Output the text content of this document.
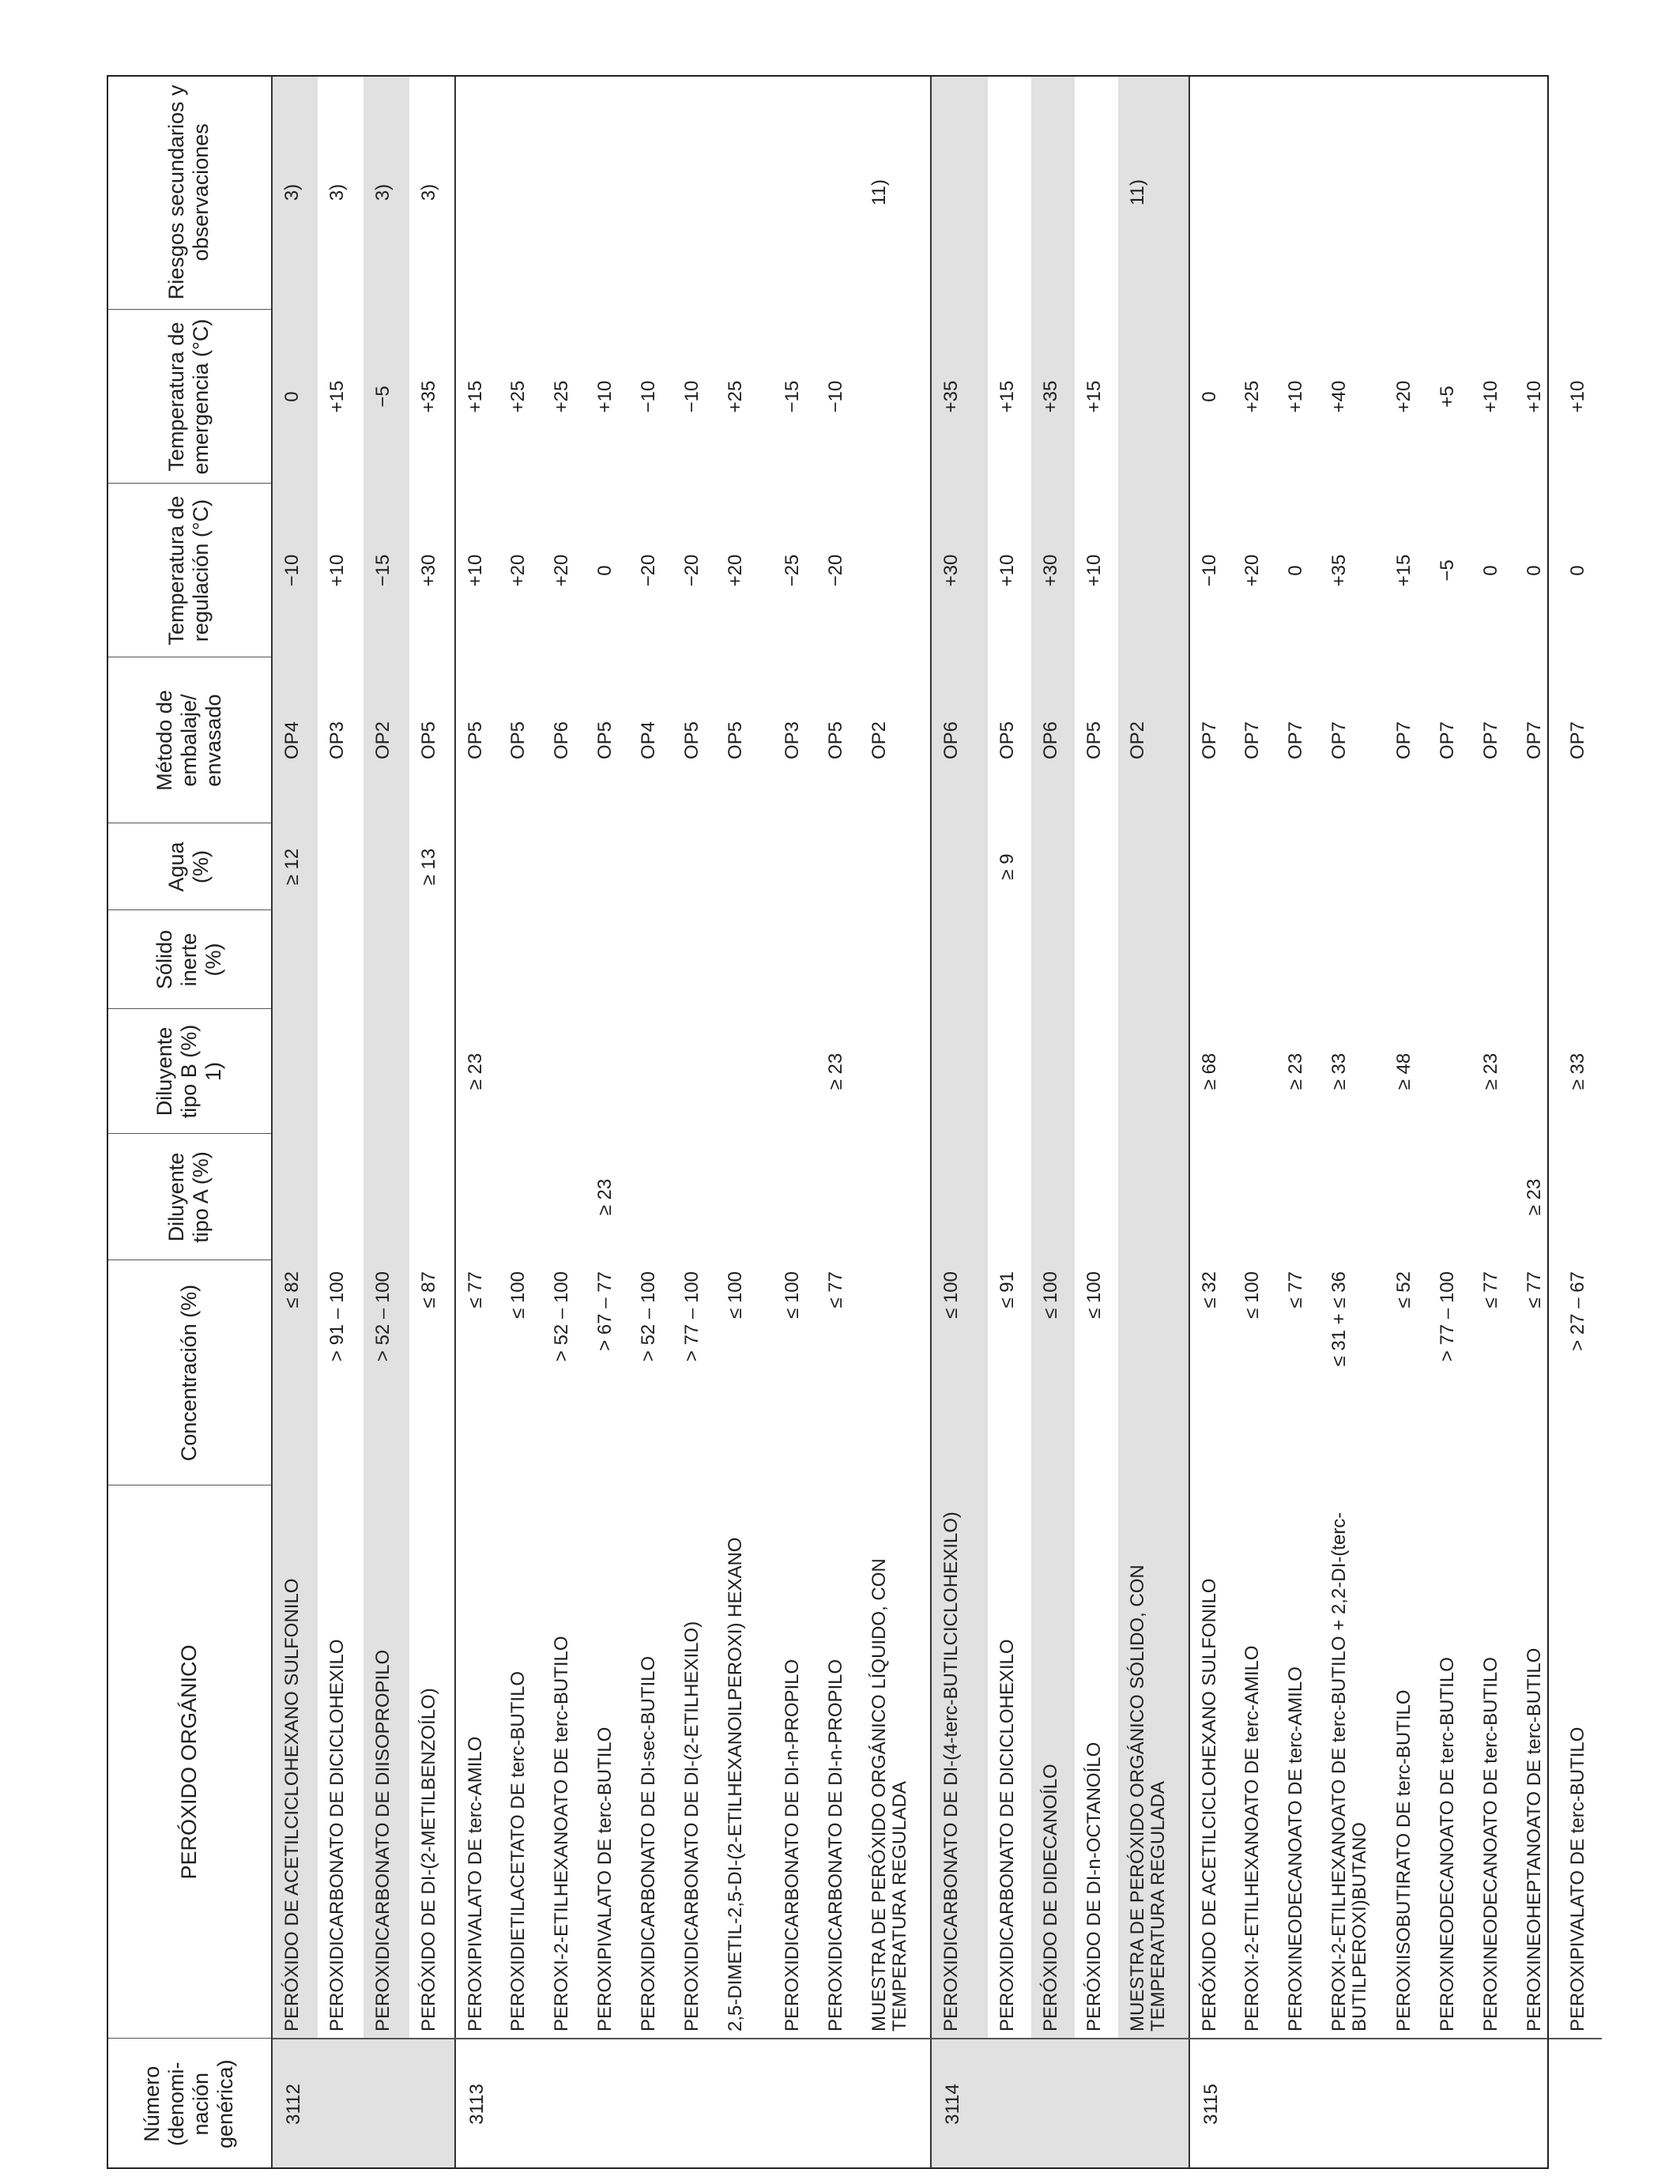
Número (denomi- nación genérica)	PERÓXIDO ORGÁNICO	Concentración (%)	Diluyente tipo A (%)	Diluyente tipo B (%) 1)	Sólido inerte (%)	Agua (%)	Método de embalaje/ envasado	Temperatura de regulación (°C)	Temperatura de emergencia (°C)	Riesgos secundarios y observaciones
3112	PERÓXIDO DE ACETILCICLOHEXANO SULFONILO	≤ 82				≥ 12	OP4	−10	0	3)
	PEROXIDICARBONATO DE DICICLOHEXILO	> 91 – 100					OP3	+10	+15	3)
	PEROXIDICARBONATO DE DIISOPROPILO	> 52 – 100					OP2	−15	−5	3)
	PERÓXIDO DE DI-(2-METILBENZOÍLO)	≤ 87				≥ 13	OP5	+30	+35	3)
3113	PEROXIPIVALATO DE terc-AMILO	≤ 77		≥ 23			OP5	+10	+15	
	PEROXIDIETILACETATO DE terc-BUTILO	≤ 100					OP5	+20	+25	
	PEROXI-2-ETILHEXANOATO DE terc-BUTILO	> 52 – 100					OP6	+20	+25	
	PEROXIPIVALATO DE terc-BUTILO	> 67 – 77	≥ 23				OP5	0	+10	
	PEROXIDICARBONATO DE DI-sec-BUTILO	> 52 – 100					OP4	−20	−10	
	PEROXIDICARBONATO DE DI-(2-ETILHEXILO)	> 77 – 100					OP5	−20	−10	
	2,5-DIMETIL-2,5-DI-(2-ETILHEXANOILPEROXI) HEXANO	≤ 100					OP5	+20	+25	
	PEROXIDICARBONATO DE DI-n-PROPILO	≤ 100					OP3	−25	−15	
	PEROXIDICARBONATO DE DI-n-PROPILO	≤ 77		≥ 23			OP5	−20	−10	
	MUESTRA DE PERÓXIDO ORGÁNICO LÍQUIDO, CON TEMPERATURA REGULADA						OP2			11)
3114	PEROXIDICARBONATO DE DI-(4-terc-BUTILCICLOHEXILO)	≤ 100					OP6	+30	+35	
	PEROXIDICARBONATO DE DICICLOHEXILO	≤ 91				≥ 9	OP5	+10	+15	
	PERÓXIDO DE DIDECANOÍLO	≤ 100					OP6	+30	+35	
	PERÓXIDO DE DI-n-OCTANOÍLO	≤ 100					OP5	+10	+15	
	MUESTRA DE PERÓXIDO ORGÁNICO SÓLIDO, CON TEMPERATURA REGULADA						OP2			11)
3115	PERÓXIDO DE ACETILCICLOHEXANO SULFONILO	≤ 32		≥ 68			OP7	−10	0	
	PEROXI-2-ETILHEXANOATO DE terc-AMILO	≤ 100					OP7	+20	+25	
	PEROXINEODECANOATO DE terc-AMILO	≤ 77		≥ 23			OP7	0	+10	
	PEROXI-2-ETILHEXANOATO DE terc-BUTILO + 2,2-DI-(terc-BUTILPEROXI)BUTANO	≤ 31 + ≤ 36		≥ 33			OP7	+35	+40	
	PEROXIISOBUTIRATO DE terc-BUTILO	≤ 52		≥ 48			OP7	+15	+20	
	PEROXINEODECANOATO DE terc-BUTILO	> 77 – 100					OP7	−5	+5	
	PEROXINEODECANOATO DE terc-BUTILO	≤ 77		≥ 23			OP7	0	+10	
	PEROXINEOHEPTANOATO DE terc-BUTILO	≤ 77	≥ 23				OP7	0	+10	
	PEROXIPIVALATO DE terc-BUTILO	> 27 – 67		≥ 33			OP7	0	+10	
